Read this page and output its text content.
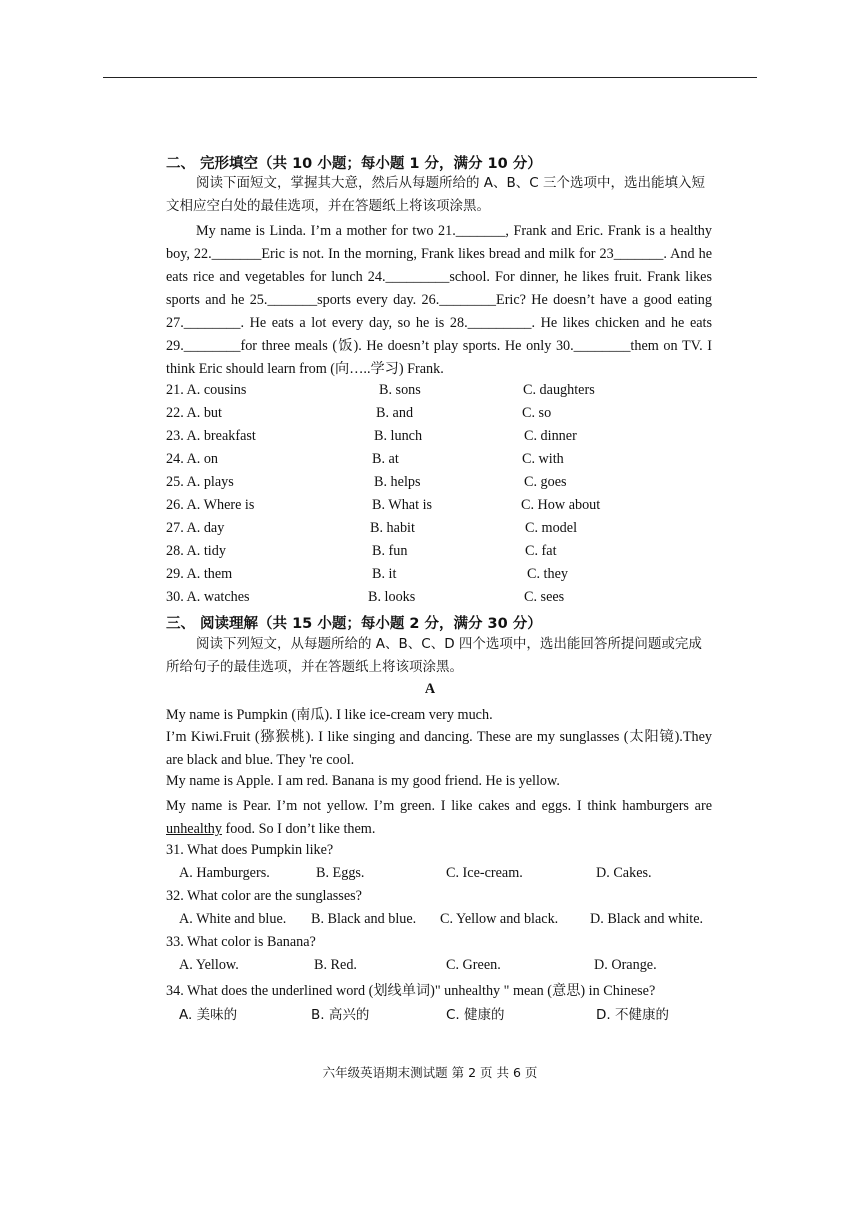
二、 完形填空（共 10 小题；每小题 1 分，满分 10 分）

阅读下面短文，掌握其大意，然后从每题所给的 A、B、C 三个选项中，选出能填入短文相应空白处的最佳选项，并在答题纸上将该项涂黑。

My name is Linda. I’m a mother for two 21._______, Frank and Eric. Frank is a healthy boy, 22._______Eric is not. In the morning, Frank likes bread and milk for 23_______. And he eats rice and vegetables for lunch 24._________school. For dinner, he likes fruit. Frank likes sports and he 25._______sports every day. 26.________Eric? He doesn’t have a good eating 27.________. He eats a lot every day, so he is 28._________. He likes chicken and he eats 29.________for three meals (饭). He doesn’t play sports. He only 30.________them on TV. I think Eric should learn from (向…..学习) Frank.

21. A. cousins	B. sons	C. daughters
22. A. but	B. and	C. so
23. A. breakfast	B. lunch	C. dinner
24. A. on	B. at	C. with
25. A. plays	B. helps	C. goes
26. A. Where is	B. What is	C. How about
27. A. day	B. habit	C. model
28. A. tidy	B. fun	C. fat
29. A. them	B. it	C. they
30. A. watches	B. looks	C. sees
三、 阅读理解（共 15 小题；每小题 2 分，满分 30 分）

阅读下列短文，从每题所给的 A、B、C、D 四个选项中，选出能回答所提问题或完成所给句子的最佳选项，并在答题纸上将该项涂黑。

A
My name is Pumpkin (南瓜). I like ice-cream very much.

I’m Kiwi.Fruit (猕猴桃). I like singing and dancing. These are my sunglasses (太阳镜).They are black and blue. They 're cool.

My name is Apple. I am red. Banana is my good friend. He is yellow.

My name is Pear. I’m not yellow. I’m green. I like cakes and eggs. I think hamburgers are unhealthy food. So I don’t like them.

31. What does Pumpkin like?
A. Hamburgers.	B. Eggs.	C. Ice-cream.	D. Cakes.
32. What color are the sunglasses?
A. White and blue. B. Black and blue. C. Yellow and black. D. Black and white.
33. What color is Banana?
A. Yellow.	B. Red.	C. Green.	D. Orange.
34. What does the underlined word (划线单词)" unhealthy " mean (意思) in Chinese?
A. 美味的	B. 高兴的	C. 健康的	D. 不健康的
六年级英语期末测试题 第 2 页 共 6 页
